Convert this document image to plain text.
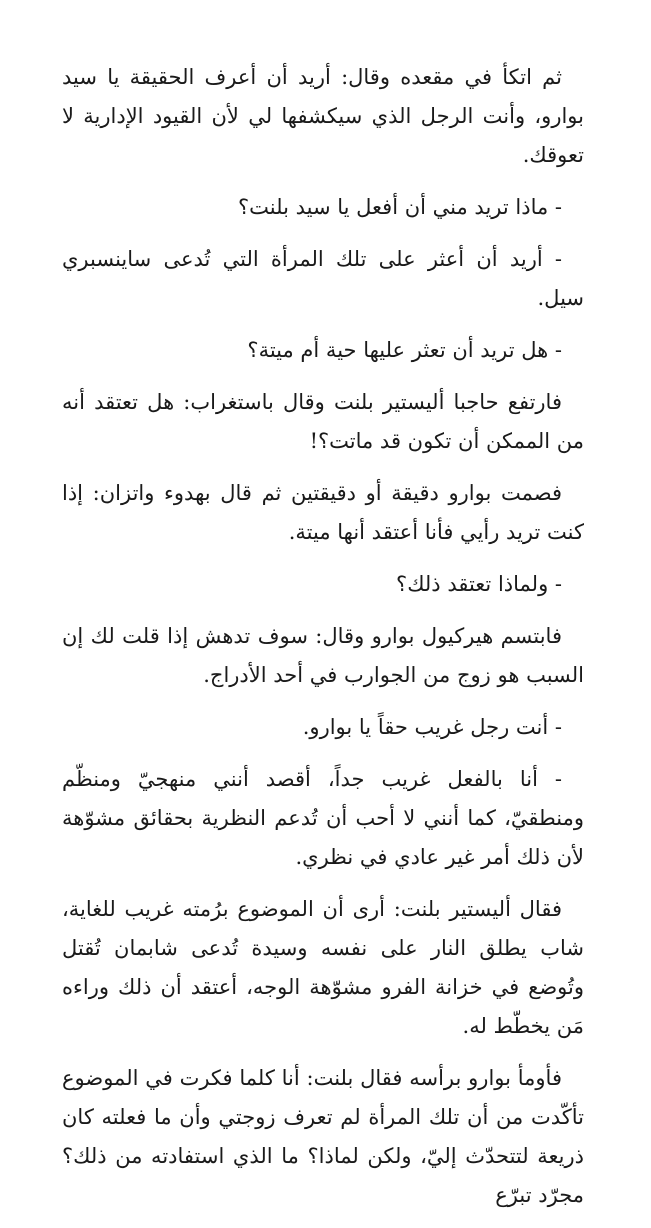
ثم اتكأ في مقعده وقال: أريد أن أعرف الحقيقة يا سيد بوارو، وأنت الرجل الذي سيكشفها لي لأن القيود الإدارية لا تعوقك.

- ماذا تريد مني أن أفعل يا سيد بلنت؟

- أريد أن أعثر على تلك المرأة التي تُدعى ساينسبري سيل.

- هل تريد أن تعثر عليها حية أم ميتة؟

فارتفع حاجبا أليستير بلنت وقال باستغراب: هل تعتقد أنه من الممكن أن تكون قد ماتت؟!

فصمت بوارو دقيقة أو دقيقتين ثم قال بهدوء واتزان: إذا كنت تريد رأيي فأنا أعتقد أنها ميتة.

- ولماذا تعتقد ذلك؟

فابتسم هيركيول بوارو وقال: سوف تدهش إذا قلت لك إن السبب هو زوج من الجوارب في أحد الأدراج.

- أنت رجل غريب حقاً يا بوارو.

- أنا بالفعل غريب جداً، أقصد أنني منهجيّ ومنظّم ومنطقيّ، كما أنني لا أحب أن تُدعم النظرية بحقائق مشوّهة لأن ذلك أمر غير عادي في نظري.

فقال أليستير بلنت: أرى أن الموضوع برُمته غريب للغاية، شاب يطلق النار على نفسه وسيدة تُدعى شابمان تُقتل وتُوضع في خزانة الفرو مشوّهة الوجه، أعتقد أن ذلك وراءه مَن يخطّط له.

فأومأ بوارو برأسه فقال بلنت: أنا كلما فكرت في الموضوع تأكّدت من أن تلك المرأة لم تعرف زوجتي وأن ما فعلته كان ذريعة لتتحدّث إليّ، ولكن لماذا؟ ما الذي استفادته من ذلك؟ مجرّد تبرّع
